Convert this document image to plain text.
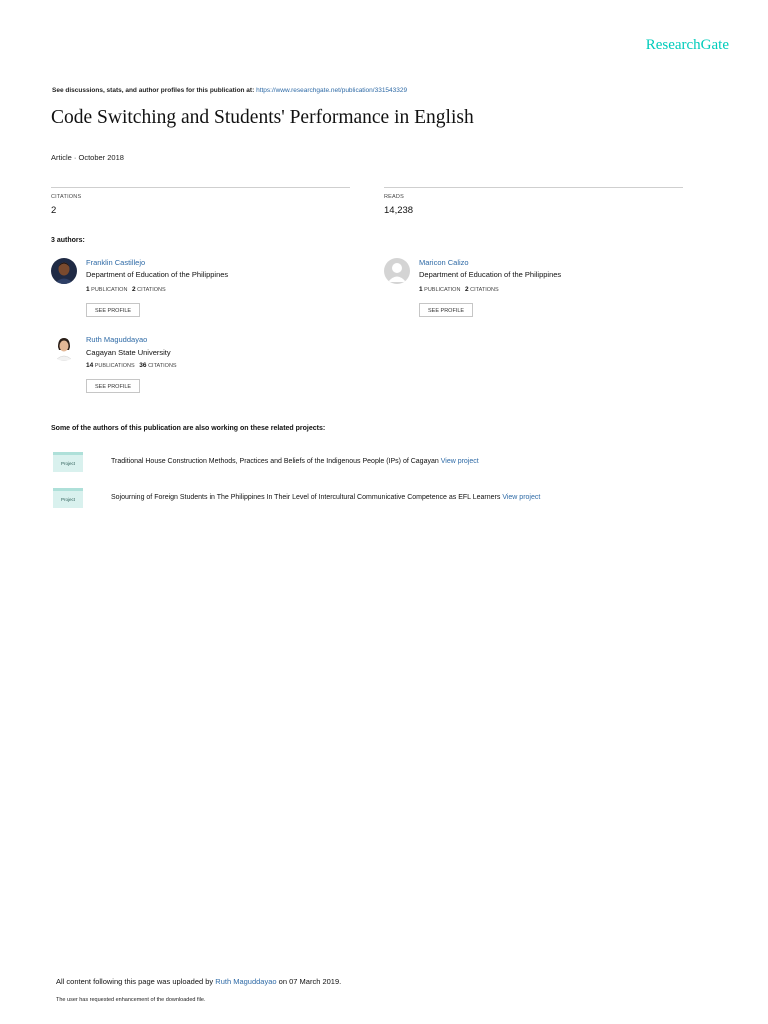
ResearchGate
See discussions, stats, and author profiles for this publication at: https://www.researchgate.net/publication/331543329
Code Switching and Students' Performance in English
Article · October 2018
CITATIONS
2
READS
14,238
3 authors:
Franklin Castillejo
Department of Education of the Philippines
1 PUBLICATION 2 CITATIONS
SEE PROFILE
Maricon Calizo
Department of Education of the Philippines
1 PUBLICATION 2 CITATIONS
SEE PROFILE
Ruth Maguddayao
Cagayan State University
14 PUBLICATIONS 36 CITATIONS
SEE PROFILE
Some of the authors of this publication are also working on these related projects:
Project	Traditional House Construction Methods, Practices and Beliefs of the Indigenous People (IPs) of Cagayan View project
Project	Sojourning of Foreign Students in The Philippines In Their Level of Intercultural Communicative Competence as EFL Learners View project
All content following this page was uploaded by Ruth Maguddayao on 07 March 2019.
The user has requested enhancement of the downloaded file.
